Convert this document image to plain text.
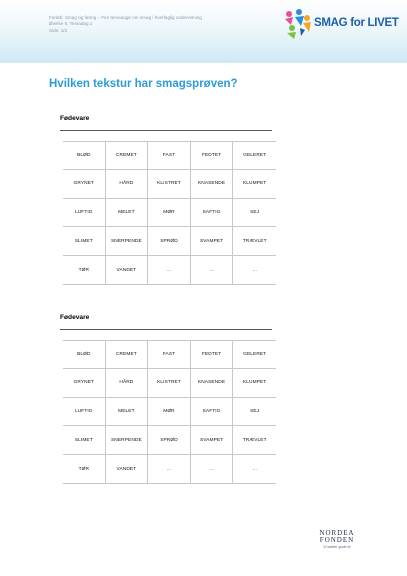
Forløb: Smag og føring – Fire temadage om smag i hverfaglig undervisning
Øvelse 6, Temadag 1
Side: 1/2
SMAG for LIVET
Hvilken tekstur har smagsprøven?
Fødevare
BLØD	CREMET	FAST	FEDTET	GELERET
GRYNET	HÅRD	KLISTRET	KNASENDE	KLUMPET
LUFTIG	MELET	MØR	SAFTIG	SEJ
SLIMET	SNERPENDE	SPRØD	SVAMPET	TRÆVLET
TØR	VANDET	…	…	…
Fødevare
BLØD	CREMET	FAST	FEDTET	GELERET
GRYNET	HÅRD	KLISTRET	KNASENDE	KLUMPET
LUFTIG	MELET	MØR	SAFTIG	SEJ
SLIMET	SNERPENDE	SPRØD	SVAMPET	TRÆVLET
TØR	VANDET	…	…	…
NORDEA
FONDEN
Vi støtter gode liv
